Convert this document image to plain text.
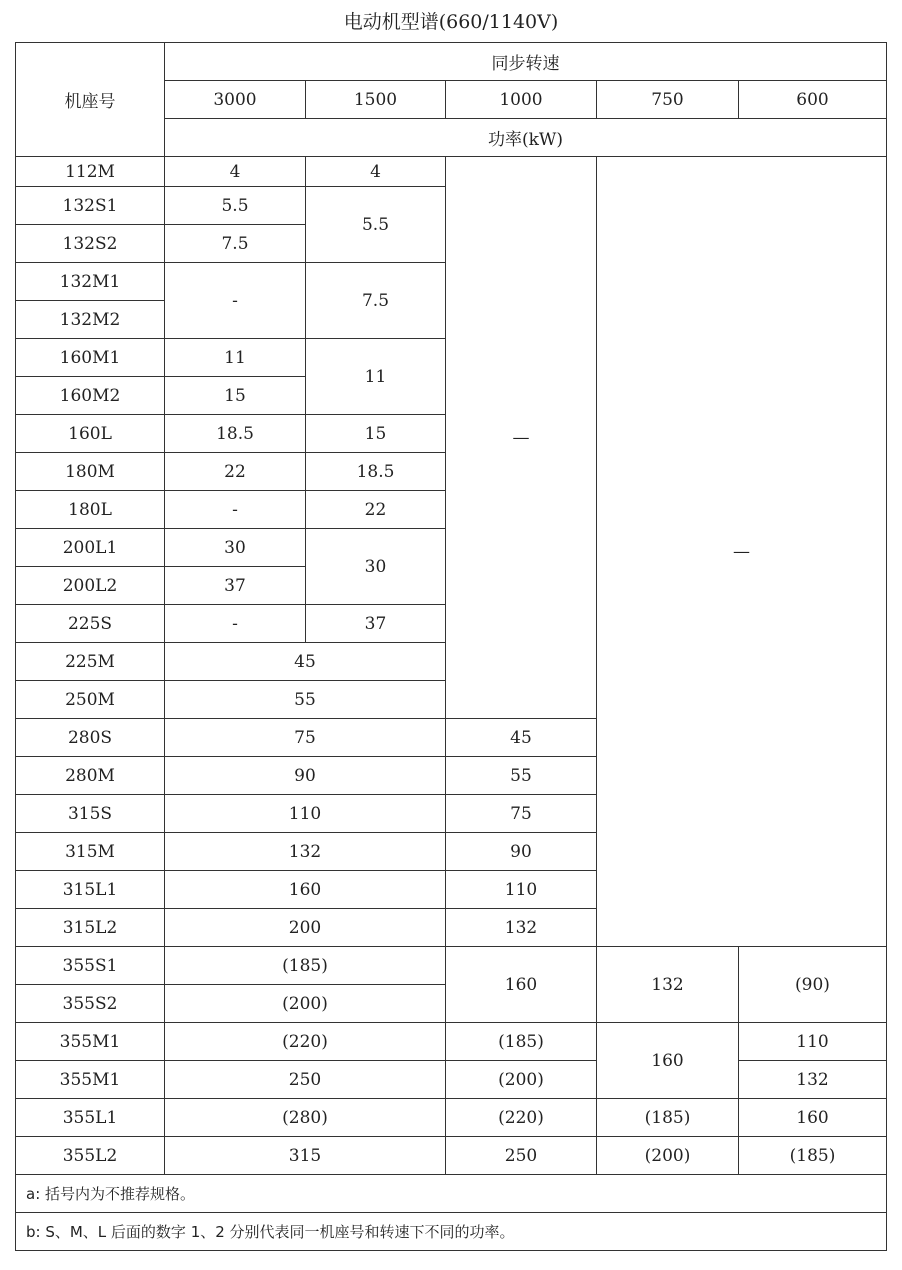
电动机型谱(660/1140V)
机座号	同步转速				
	3000	1500	1000	750	600
	功率(kW)				
112M	4	4	—	—	
132S1	5.5	5.5			
132S2	7.5				
132M1	-	7.5			
132M2					
160M1	11	11			
160M2	15				
160L	18.5	15			
180M	22	18.5			
180L	-	22			
200L1	30	30			
200L2	37				
225S	-	37			
225M	45				
250M	55				
280S	75		45		
280M	90		55		
315S	110		75		
315M	132		90		
315L1	160		110		
315L2	200		132		
355S1	(185)		160	132	(90)
355S2	(200)				
355M1	(220)		(185)	160	110
355M1	250		(200)		132
355L1	(280)		(220)	(185)	160
355L2	315		250	(200)	(185)
a: 括号内为不推荐规格。					
b: S、M、L 后面的数字 1、2 分别代表同一机座号和转速下不同的功率。					
